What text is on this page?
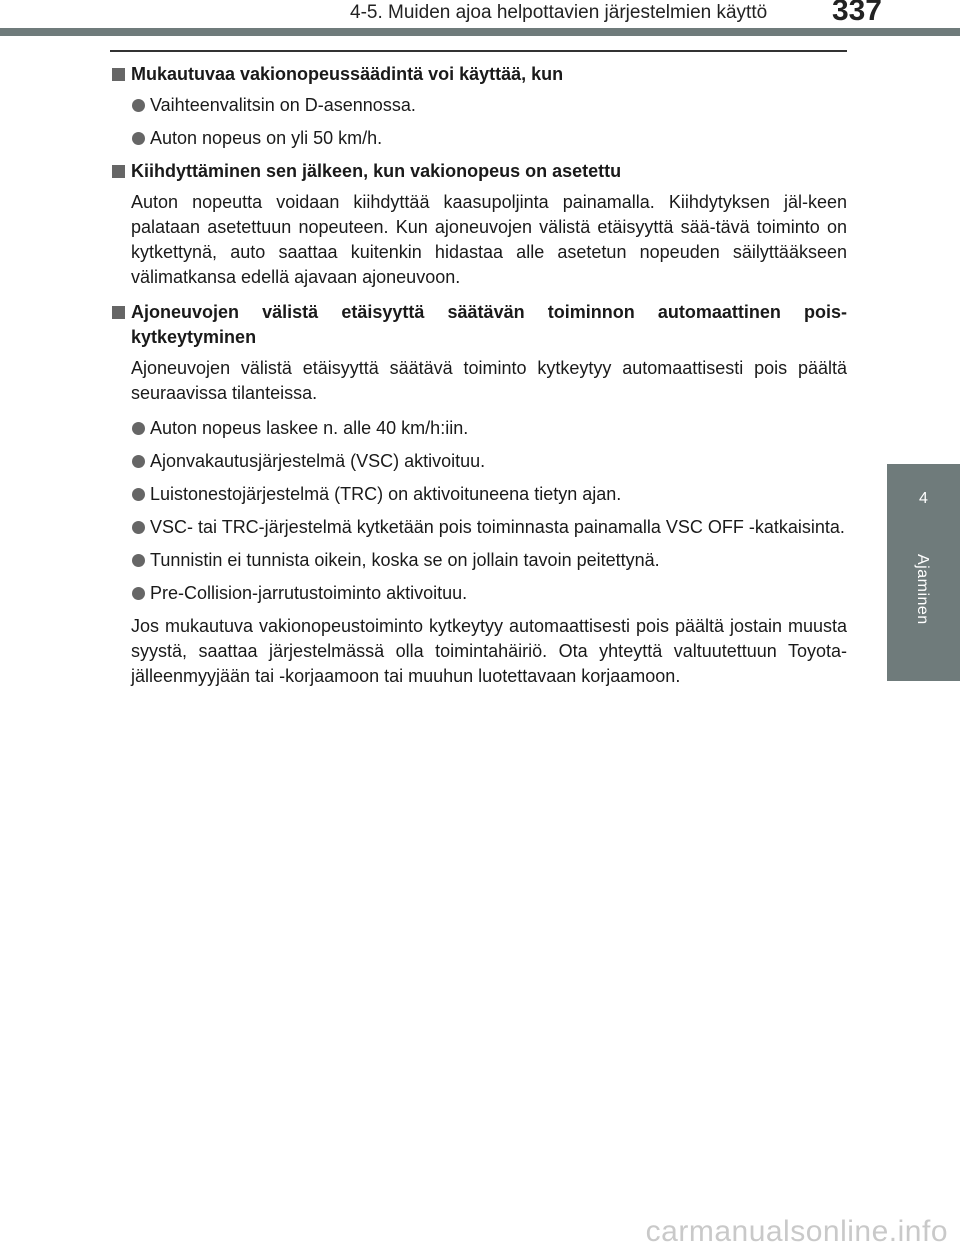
4-5. Muiden ajoa helpottavien järjestelmien käyttö 337
4
Ajaminen
Mukautuvaa vakionopeussäädintä voi käyttää, kun
Vaihteenvalitsin on D-asennossa.
Auton nopeus on yli 50 km/h.
Kiihdyttäminen sen jälkeen, kun vakionopeus on asetettu
Auton nopeutta voidaan kiihdyttää kaasupoljinta painamalla. Kiihdytyksen jäl-keen palataan asetettuun nopeuteen. Kun ajoneuvojen välistä etäisyyttä sää-tävä toiminto on kytkettynä, auto saattaa kuitenkin hidastaa alle asetetun nopeuden säilyttääkseen välimatkansa edellä ajavaan ajoneuvoon.
Ajoneuvojen välistä etäisyyttä säätävän toiminnon automaattinen pois-kytkeytyminen
Ajoneuvojen välistä etäisyyttä säätävä toiminto kytkeytyy automaattisesti pois päältä seuraavissa tilanteissa.
Auton nopeus laskee n. alle 40 km/h:iin.
Ajonvakautusjärjestelmä (VSC) aktivoituu.
Luistonestojärjestelmä (TRC) on aktivoituneena tietyn ajan.
VSC- tai TRC-järjestelmä kytketään pois toiminnasta painamalla VSC OFF -katkaisinta.
Tunnistin ei tunnista oikein, koska se on jollain tavoin peitettynä.
Pre-Collision-jarrutustoiminto aktivoituu.
Jos mukautuva vakionopeustoiminto kytkeytyy automaattisesti pois päältä jostain muusta syystä, saattaa järjestelmässä olla toimintahäiriö. Ota yhteyttä valtuutettuun Toyota-jälleenmyyjään tai -korjaamoon tai muuhun luotettavaan korjaamoon.
carmanualsonline.info
